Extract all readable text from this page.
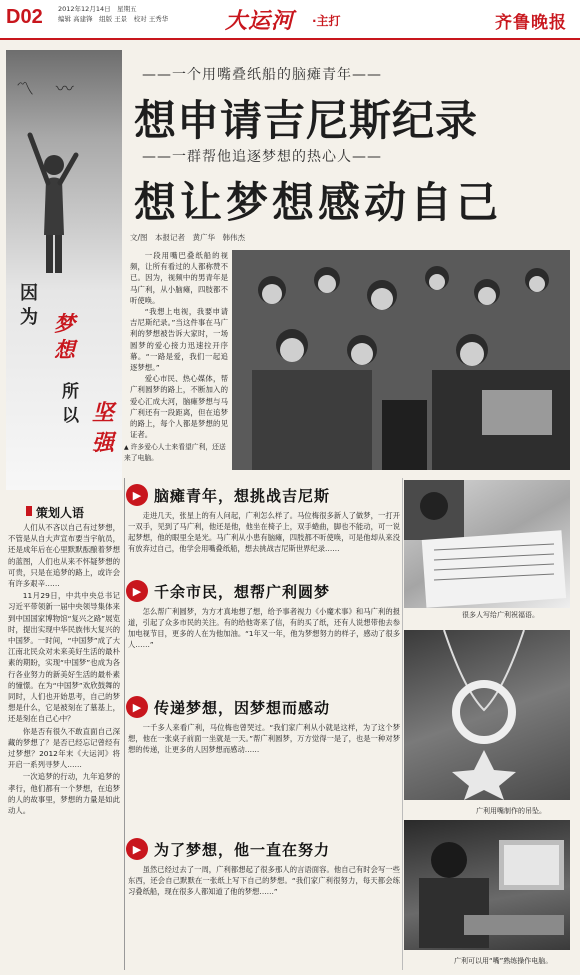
D02 2012年12月14日　星期五
编辑 高建锋　组版 王景　校对 王秀华	大运河 ·主打	齐鲁晚报
〽 〰
因为 梦想
所以 坚强
策划人语

人们从不吝以自己有过梦想，不管是从自大声宣布要当宇航员，还是成年后在心里默默酝酿着梦想的蓝图，人们也从来不怀疑梦想的可贵，只是在追梦的路上，或许会有许多艰辛……

11月29日，中共中央总书记习近平带领新一届中央领导集体来到中国国家博物馆“复兴之路”展览时，提出实现中华民族伟大复兴的中国梦。一时间，“中国梦”成了大江南北民众对未来美好生活的最朴素的期盼，实现“中国梦”也成为各行各业努力的新美好生活的最朴素的憧憬。在为“中国梦”欢欣鼓舞的同时，人们也开始思考，自己的梦想是什么，它是被刻在了墓基上，还是刻在自己心中？

你是否有很久不敢直面自己深藏的梦想了？是否已经忘记曾经有过梦想？2012年末《大运河》将开启一系列寻梦人……

一次追梦的行动，九年追梦的孝行，他们都有一个梦想，在追梦的人的故事里，梦想的力量是如此动人。

——一个用嘴叠纸船的脑瘫青年——
想申请吉尼斯纪录
——一群帮他追逐梦想的热心人——
想让梦想感动自己
文/图　本报记者　黄广华　韩伟杰

一段用嘴巴叠纸船的视频，让所有看过的人都称赞不已。因为，视频中的男青年是马广利，从小脑瘫，四肢都不听使唤。

“我想上电视，我要申请吉尼斯纪录。”当这件事在马广利的梦想被告诉大家时，一场圆梦的爱心接力迅速拉开序幕。“一路是爱，我们一起追逐梦想。”

爱心市民、热心媒体，帮广利圆梦的路上，不断加入的爱心汇成大河，脑瘫梦想与马广利还有一段距离，但在追梦的路上，每个人都是梦想的见证者。

▲ 许多爱心人士来看望广利，还送来了电脑。
▶ 脑瘫青年，想挑战吉尼斯

走进几天，张星上的有人问起，广利怎么样了。马位梅很多新人了做梦，一打开一双手，见到了马广利，他还是他，他坐在椅子上，双手蜷曲，脚也不能动，可一说起梦想，他的眼里全是光。马广利从小患有脑瘫，四肢都不听使唤，可是他却从来没有放弃过自己，他学会用嘴叠纸船，想去挑战吉尼斯世界纪录……

很多人写给广利祝福语。
▶ 千余市民，想帮广利圆梦

怎么帮广利圆梦，为方才真地想了想，给予事者视力《小魔术事》和马广利的报道，引起了众多市民的关注。有的给他寄来了信，有的买了纸，还有人说想带他去参加电视节目，更多的人在为他加油。“1年又一年，他为梦想努力的样子，感动了很多人……”

▶ 传递梦想，因梦想而感动

一千多人来看广利，马位梅也曾哭过。“我们家广利从小就是这样，为了这个梦想，他在一张桌子前面一坐就是一天。”帮广利圆梦，万方觉得一是了，也是一种对梦想的传递，让更多的人因梦想而感动……

广利用嘴制作的吊坠。
▶ 为了梦想，他一直在努力

虽然已经过去了一周，广利都想起了很多那人的言语面容。他自己有时会写一些东西，还会自己默默在一张纸上写下自己的梦想。“我们家广利很努力，每天都会练习叠纸船，现在很多人都知道了他的梦想……”

广利可以用“嘴”熟练操作电脑。
